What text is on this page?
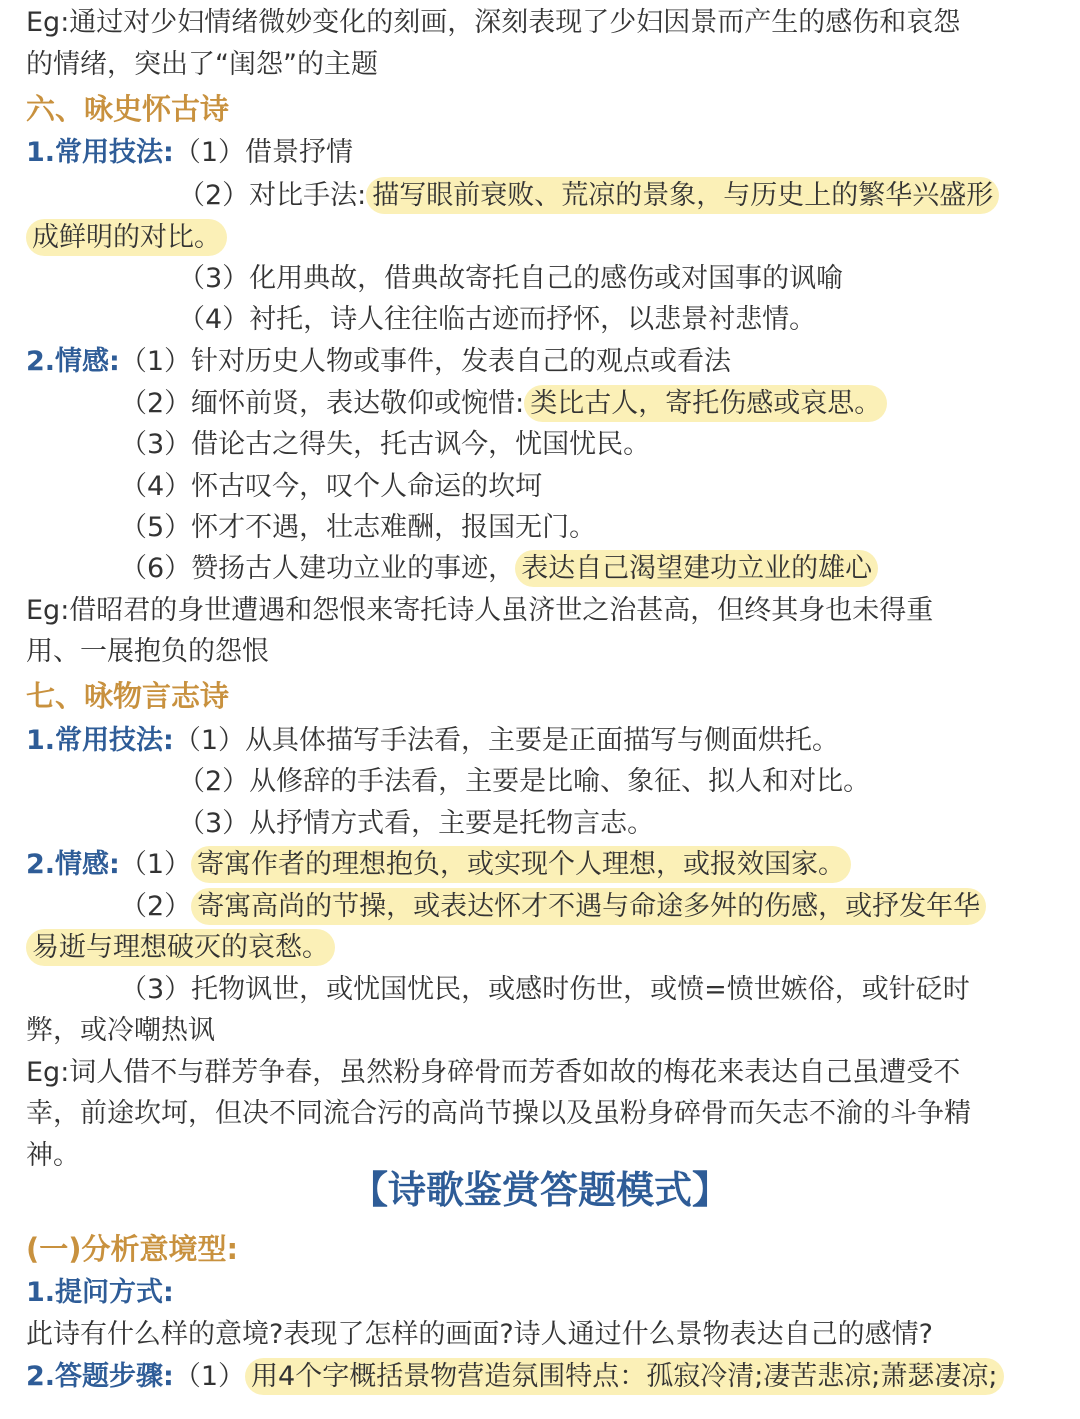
Eg:通过对少妇情绪微妙变化的刻画，深刻表现了少妇因景而产生的感伤和哀怨
的情绪，突出了“闺怨”的主题
六、咏史怀古诗
1.常用技法:（1）借景抒情
（2）对比手法: 描写眼前衰败、荒凉的景象，与历史上的繁华兴盛形
成鲜明的对比。
（3）化用典故，借典故寄托自己的感伤或对国事的讽喻
（4）衬托，诗人往往临古迹而抒怀，以悲景衬悲情。
2.情感:（1）针对历史人物或事件，发表自己的观点或看法
（2）缅怀前贤，表达敬仰或惋惜: 类比古人，寄托伤感或哀思。
（3）借论古之得失，托古讽今，忧国忧民。
（4）怀古叹今，叹个人命运的坎坷
（5）怀才不遇，壮志难酬，报国无门。
（6）赞扬古人建功立业的事迹， 表达自己渴望建功立业的雄心
Eg:借昭君的身世遭遇和怨恨来寄托诗人虽济世之治甚高，但终其身也未得重
用、一展抱负的怨恨
七、咏物言志诗
1.常用技法:（1）从具体描写手法看，主要是正面描写与侧面烘托。
（2）从修辞的手法看，主要是比喻、象征、拟人和对比。
（3）从抒情方式看，主要是托物言志。
2.情感:（1） 寄寓作者的理想抱负，或实现个人理想，或报效国家。
（2） 寄寓高尚的节操，或表达怀才不遇与命途多舛的伤感，或抒发年华
易逝与理想破灭的哀愁。
（3）托物讽世，或忧国忧民，或感时伤世，或愤=愤世嫉俗，或针砭时
弊，或冷嘲热讽
Eg:词人借不与群芳争春，虽然粉身碎骨而芳香如故的梅花来表达自己虽遭受不
幸，前途坎坷，但决不同流合污的高尚节操以及虽粉身碎骨而矢志不渝的斗争精
神。
【诗歌鉴赏答题模式】
(一)分析意境型:
1.提问方式:
此诗有什么样的意境?表现了怎样的画面?诗人通过什么景物表达自己的感情?
2.答题步骤:（1） 用4个字概括景物营造氛围特点：孤寂冷清;凄苦悲凉;萧瑟凄凉;
